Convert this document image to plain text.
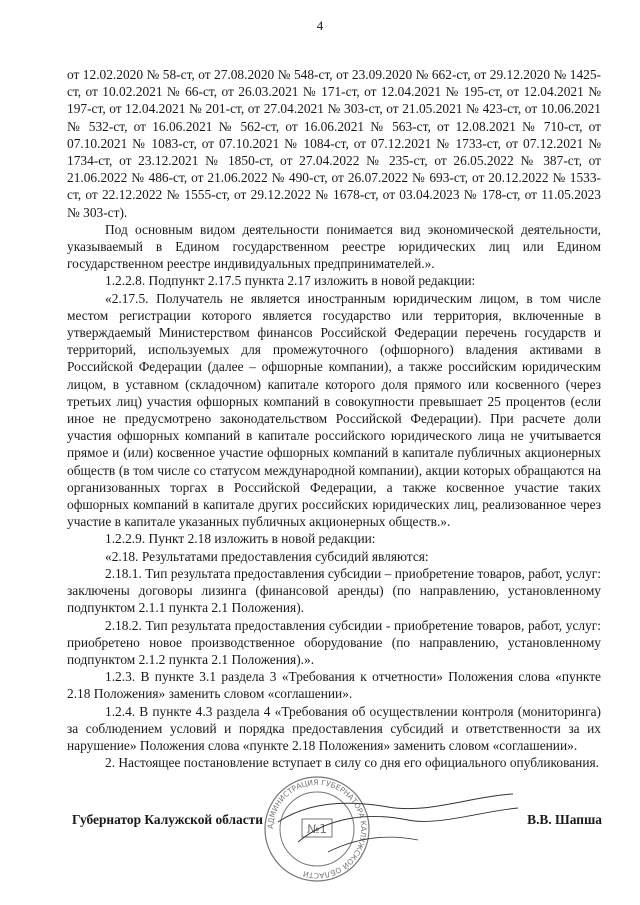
4

от 12.02.2020 № 58-ст, от 27.08.2020 № 548-ст, от 23.09.2020 № 662-ст, от 29.12.2020 № 1425-ст, от 10.02.2021 № 66-ст, от 26.03.2021 № 171-ст, от 12.04.2021 № 195-ст, от 12.04.2021 № 197-ст, от 12.04.2021 № 201-ст, от 27.04.2021 № 303-ст, от 21.05.2021 № 423-ст, от 10.06.2021 № 532-ст, от 16.06.2021 № 562-ст, от 16.06.2021 № 563-ст, от 12.08.2021 № 710-ст, от 07.10.2021 № 1083-ст, от 07.10.2021 № 1084-ст, от 07.12.2021 № 1733-ст, от 07.12.2021 № 1734-ст, от 23.12.2021 № 1850-ст, от 27.04.2022 № 235-ст, от 26.05.2022 № 387-ст, от 21.06.2022 № 486-ст, от 21.06.2022 № 490-ст, от 26.07.2022 № 693-ст, от 20.12.2022 № 1533-ст, от 22.12.2022 № 1555-ст, от 29.12.2022 № 1678-ст, от 03.04.2023 № 178-ст, от 11.05.2023 № 303-ст).

Под основным видом деятельности понимается вид экономической деятельности, указываемый в Едином государственном реестре юридических лиц или Едином государственном реестре индивидуальных предпринимателей.».

1.2.2.8. Подпункт 2.17.5 пункта 2.17 изложить в новой редакции:

«2.17.5. Получатель не является иностранным юридическим лицом, в том числе местом регистрации которого является государство или территория, включенные в утверждаемый Министерством финансов Российской Федерации перечень государств и территорий, используемых для промежуточного (офшорного) владения активами в Российской Федерации (далее – офшорные компании), а также российским юридическим лицом, в уставном (складочном) капитале которого доля прямого или косвенного (через третьих лиц) участия офшорных компаний в совокупности превышает 25 процентов (если иное не предусмотрено законодательством Российской Федерации). При расчете доли участия офшорных компаний в капитале российского юридического лица не учитывается прямое и (или) косвенное участие офшорных компаний в капитале публичных акционерных обществ (в том числе со статусом международной компании), акции которых обращаются на организованных торгах в Российской Федерации, а также косвенное участие таких офшорных компаний в капитале других российских юридических лиц, реализованное через участие в капитале указанных публичных акционерных обществ.».

1.2.2.9. Пункт 2.18 изложить в новой редакции:

«2.18. Результатами предоставления субсидий являются:

2.18.1. Тип результата предоставления субсидии – приобретение товаров, работ, услуг: заключены договоры лизинга (финансовой аренды) (по направлению, установленному подпунктом 2.1.1 пункта 2.1 Положения).

2.18.2. Тип результата предоставления субсидии - приобретение товаров, работ, услуг: приобретено новое производственное оборудование (по направлению, установленному подпунктом 2.1.2 пункта 2.1 Положения).».

1.2.3. В пункте 3.1 раздела 3 «Требования к отчетности» Положения слова «пункте 2.18 Положения» заменить словом «соглашении».

1.2.4. В пункте 4.3 раздела 4 «Требования об осуществлении контроля (мониторинга) за соблюдением условий и порядка предоставления субсидий и ответственности за их нарушение» Положения слова «пункте 2.18 Положения» заменить словом «соглашении».

2. Настоящее постановление вступает в силу со дня его официального опубликования.

АДМИНИСТРАЦИЯ ГУБЕРНАТОРА КАЛУЖСКОЙ ОБЛАСТИ
№1
Губернатор Калужской области	В.В. Шапша
